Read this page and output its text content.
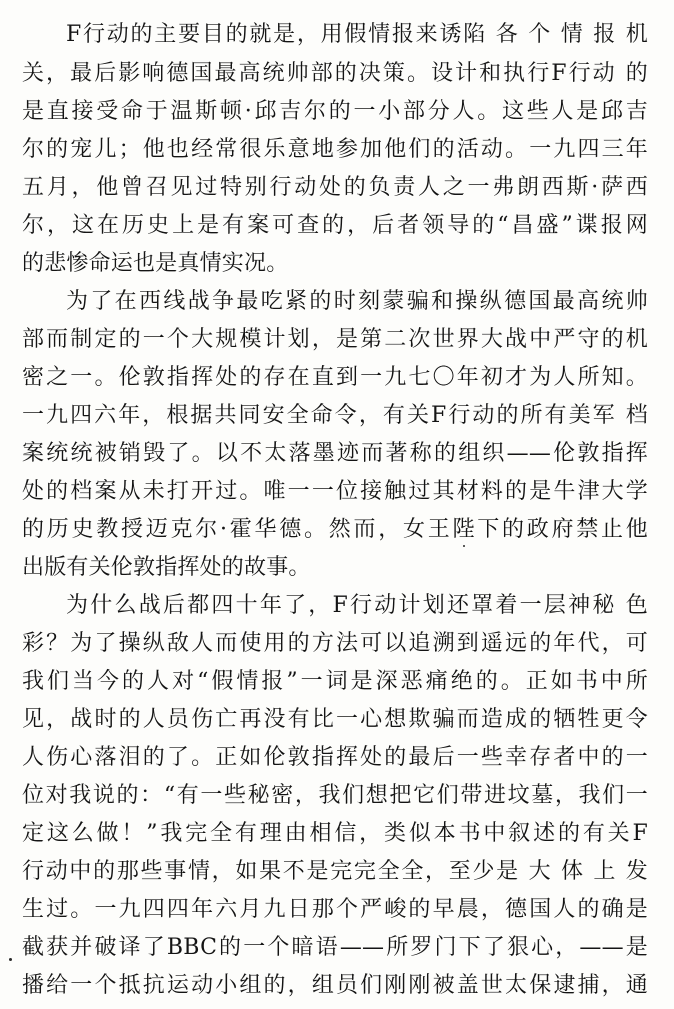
F行动的主要目的就是，用假情报来诱陷 各 个 情 报 机
关，最后影响德国最高统帅部的决策。设计和执行F行动 的
是直接受命于温斯顿·邱吉尔的一小部分人。这些人是邱吉
尔的宠儿；他也经常很乐意地参加他们的活动。一九四三年
五月，他曾召见过特别行动处的负责人之一弗朗西斯·萨西
尔，这在历史上是有案可查的，后者领导的“昌盛”谍报网
的悲惨命运也是真情实况。
为了在西线战争最吃紧的时刻蒙骗和操纵德国最高统帅
部而制定的一个大规模计划，是第二次世界大战中严守的机
密之一。伦敦指挥处的存在直到一九七〇年初才为人所知。
一九四六年，根据共同安全命令，有关F行动的所有美军 档
案统统被销毁了。以不太落墨迹而著称的组织——伦敦指挥
处的档案从未打开过。唯一一位接触过其材料的是牛津大学
的历史教授迈克尔·霍华德。然而，女王陛下的政府禁止他
出版有关伦敦指挥处的故事。
为什么战后都四十年了，F行动计划还罩着一层神秘 色
彩？为了操纵敌人而使用的方法可以追溯到遥远的年代，可
我们当今的人对“假情报”一词是深恶痛绝的。正如书中所
见，战时的人员伤亡再没有比一心想欺骗而造成的牺牲更令
人伤心落泪的了。正如伦敦指挥处的最后一些幸存者中的一
位对我说的：“有一些秘密，我们想把它们带进坟墓，我们一
定这么做！”我完全有理由相信，类似本书中叙述的有关F
行动中的那些事情，如果不是完完全全，至少是 大 体 上 发
生过。一九四四年六月九日那个严峻的早晨，德国人的确是
截获并破译了BBC的一个暗语——所罗门下了狠心，——是
播给一个抵抗运动小组的，组员们刚刚被盖世太保逮捕，通
